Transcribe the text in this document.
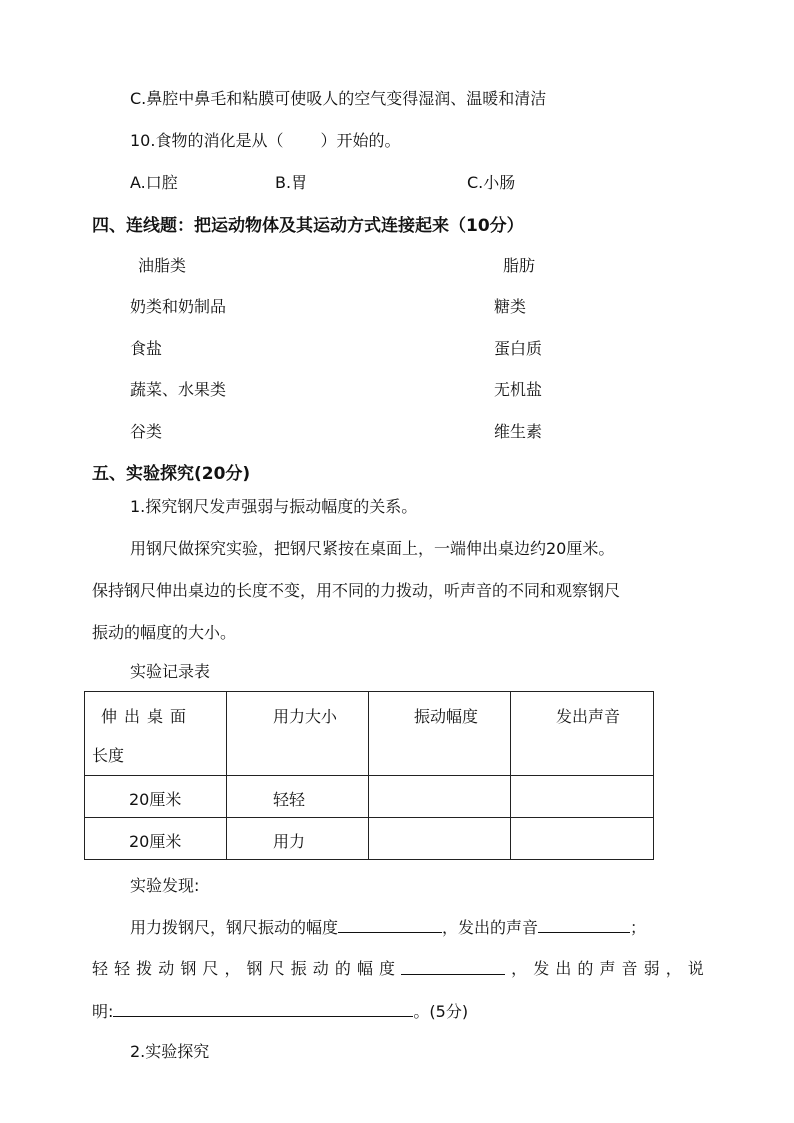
C.鼻腔中鼻毛和粘膜可使吸人的空气变得湿润、温暖和清洁
10.食物的消化是从（　　 ）开始的。
A.口腔	B.胃	C.小肠
四、连线题：把运动物体及其运动方式连接起来（10分）
油脂类	脂肪
奶类和奶制品	糖类
食盐	蛋白质
蔬菜、水果类	无机盐
谷类	维生素
五、实验探究(20分)
1.探究钢尺发声强弱与振动幅度的关系。
用钢尺做探究实验，把钢尺紧按在桌面上，一端伸出桌边约20厘米。
保持钢尺伸出桌边的长度不变，用不同的力拨动，听声音的不同和观察钢尺
振动的幅度的大小。
实验记录表
伸出桌面
长度	用力大小	振动幅度	发出声音

20厘米	轻轻		

20厘米	用力		

实验发现:
用力拨钢尺，钢尺振动的幅度	，发出的声音	；
轻 轻 拨 动 钢 尺 ， 钢 尺 振 动 的 幅 度	， 发 出 的 声 音 弱 ， 说
明:	。(5分)
2.实验探究
